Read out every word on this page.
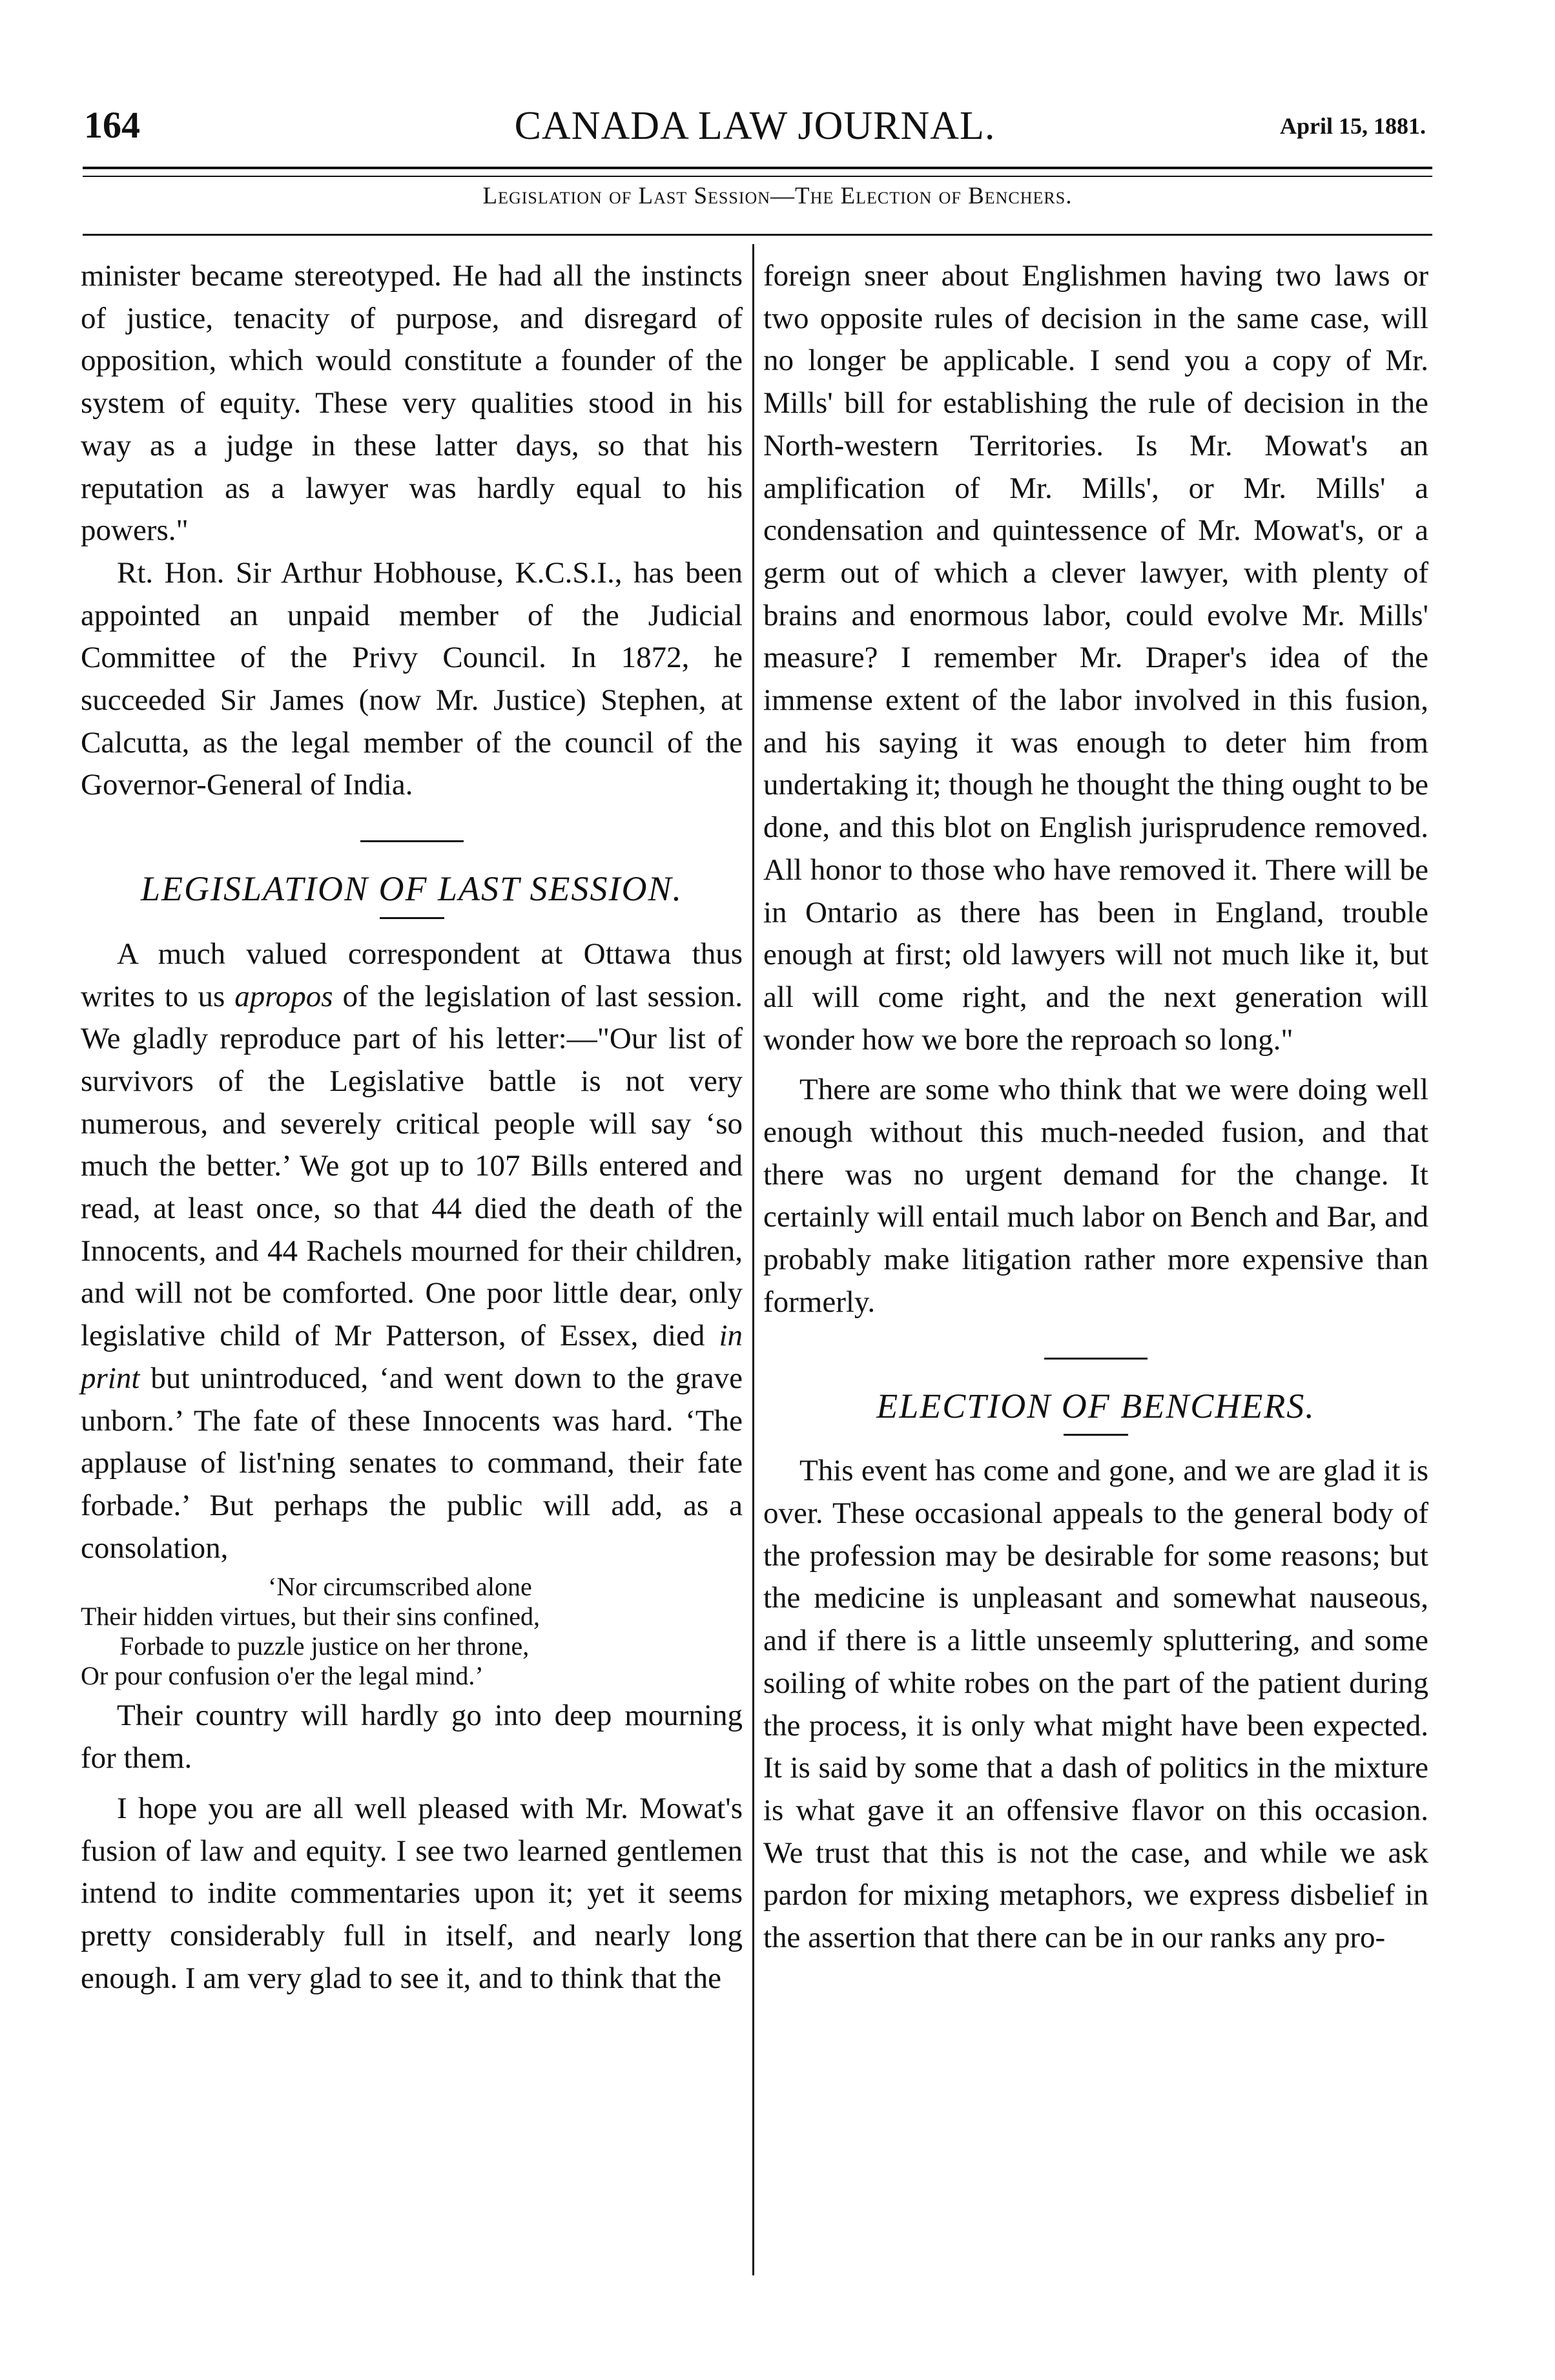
164	CANADA LAW JOURNAL.	April 15, 1881.
Legislation of Last Session—The Election of Benchers.

minister became stereotyped. He had all the instincts of justice, tenacity of purpose, and disregard of opposition, which would constitute a founder of the system of equity. These very qualities stood in his way as a judge in these latter days, so that his reputation as a lawyer was hardly equal to his powers."

Rt. Hon. Sir Arthur Hobhouse, K.C.S.I., has been appointed an unpaid member of the Judicial Committee of the Privy Council. In 1872, he succeeded Sir James (now Mr. Justice) Stephen, at Calcutta, as the legal member of the council of the Governor-General of India.

LEGISLATION OF LAST SESSION.

A much valued correspondent at Ottawa thus writes to us apropos of the legislation of last session. We gladly reproduce part of his letter:—"Our list of survivors of the Legislative battle is not very numerous, and severely critical people will say ‘so much the better.’ We got up to 107 Bills entered and read, at least once, so that 44 died the death of the Innocents, and 44 Rachels mourned for their children, and will not be comforted. One poor little dear, only legislative child of Mr Patterson, of Essex, died in print but unintroduced, ‘and went down to the grave unborn.’ The fate of these Innocents was hard. ‘The applause of list'ning senates to command, their fate forbade.’ But perhaps the public will add, as a consolation,

‘Nor circumscribed alone
Their hidden virtues, but their sins confined,
Forbade to puzzle justice on her throne,
Or pour confusion o'er the legal mind.’

Their country will hardly go into deep mourning for them.

I hope you are all well pleased with Mr. Mowat's fusion of law and equity. I see two learned gentlemen intend to indite commentaries upon it; yet it seems pretty considerably full in itself, and nearly long enough. I am very glad to see it, and to think that the

foreign sneer about Englishmen having two laws or two opposite rules of decision in the same case, will no longer be applicable. I send you a copy of Mr. Mills' bill for establishing the rule of decision in the North-western Territories. Is Mr. Mowat's an amplification of Mr. Mills', or Mr. Mills' a condensation and quintessence of Mr. Mowat's, or a germ out of which a clever lawyer, with plenty of brains and enormous labor, could evolve Mr. Mills' measure? I remember Mr. Draper's idea of the immense extent of the labor involved in this fusion, and his saying it was enough to deter him from undertaking it; though he thought the thing ought to be done, and this blot on English jurisprudence removed. All honor to those who have removed it. There will be in Ontario as there has been in England, trouble enough at first; old lawyers will not much like it, but all will come right, and the next generation will wonder how we bore the reproach so long."

There are some who think that we were doing well enough without this much-needed fusion, and that there was no urgent demand for the change. It certainly will entail much labor on Bench and Bar, and probably make litigation rather more expensive than formerly.

ELECTION OF BENCHERS.

This event has come and gone, and we are glad it is over. These occasional appeals to the general body of the profession may be desirable for some reasons; but the medicine is unpleasant and somewhat nauseous, and if there is a little unseemly spluttering, and some soiling of white robes on the part of the patient during the process, it is only what might have been expected. It is said by some that a dash of politics in the mixture is what gave it an offensive flavor on this occasion. We trust that this is not the case, and while we ask pardon for mixing metaphors, we express disbelief in the assertion that there can be in our ranks any pro-
